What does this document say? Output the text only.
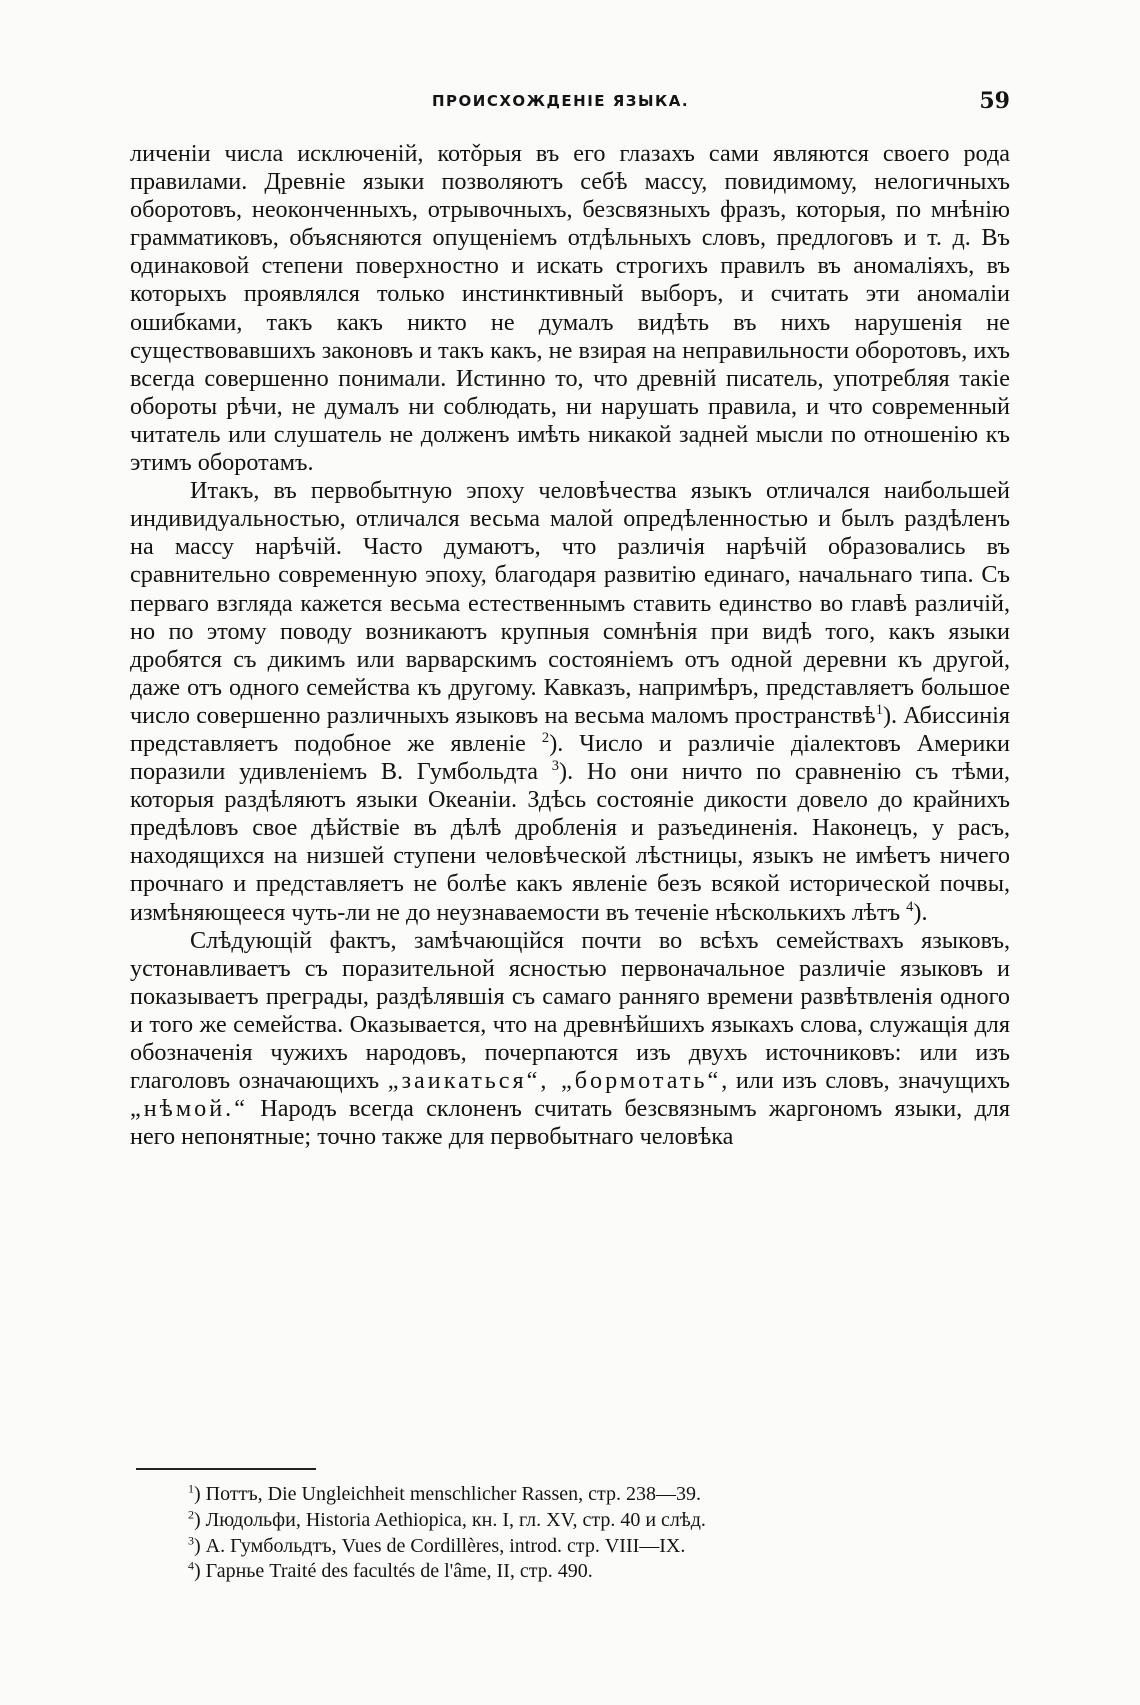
ПРОИСХОЖДЕНІЕ ЯЗЫКА.	59

личеніи числа исключеній, котǒрыя въ его глазахъ сами являются своего рода правилами. Древніе языки позволяютъ себѣ массу, повидимому, нелогичныхъ оборотовъ, неоконченныхъ, отрывочныхъ, безсвязныхъ фразъ, которыя, по мнѣнію грамматиковъ, объясняются опущеніемъ отдѣльныхъ словъ, предлоговъ и т. д. Въ одинаковой степени поверхностно и искать строгихъ правилъ въ аномаліяхъ, въ которыхъ проявлялся только инстинктивный выборъ, и считать эти аномаліи ошибками, такъ какъ никто не думалъ видѣть въ нихъ нарушенія не существовавшихъ законовъ и такъ какъ, не взирая на неправильности оборотовъ, ихъ всегда совершенно понимали. Истинно то, что древній писатель, употребляя такіе обороты рѣчи, не думалъ ни соблюдать, ни нарушать правила, и что современный читатель или слушатель не долженъ имѣть никакой задней мысли по отношенію къ этимъ оборотамъ.

Итакъ, въ первобытную эпоху человѣчества языкъ отличался наибольшей индивидуальностью, отличался весьма малой опредѣленностью и былъ раздѣленъ на массу нарѣчій. Часто думаютъ, что различія нарѣчій образовались въ сравнительно современную эпоху, благодаря развитію единаго, начальнаго типа. Съ перваго взгляда кажется весьма естественнымъ ставить единство во главѣ различій, но по этому поводу возникаютъ крупныя сомнѣнія при видѣ того, какъ языки дробятся съ дикимъ или варварскимъ состояніемъ отъ одной деревни къ другой, даже отъ одного семейства къ другому. Кавказъ, напримѣръ, представляетъ большое число совершенно различныхъ языковъ на весьма маломъ пространствѣ$^1$). Абиссинія представляетъ подобное же явленіе $^2$). Число и различіе діалектовъ Америки поразили удивленіемъ В. Гумбольдта $^3$). Но они ничто по сравненію съ тѣми, которыя раздѣляютъ языки Океаніи. Здѣсь состояніе дикости довело до крайнихъ предѣловъ свое дѣйствіе въ дѣлѣ дробленія и разъединенія. Наконецъ, у расъ, находящихся на низшей ступени человѣческой лѣстницы, языкъ не имѣетъ ничего прочнаго и представляетъ не болѣе какъ явленіе безъ всякой исторической почвы, измѣняющееся чуть-ли не до неузнаваемости въ теченіе нѣсколькихъ лѣтъ $^4$).

Слѣдующій фактъ, замѣчающійся почти во всѣхъ семействахъ языковъ, устонавливаетъ съ поразительной ясностью первоначальное различіе языковъ и показываетъ преграды, раздѣлявшія съ самаго ранняго времени развѣтвленія одного и того же семейства. Оказывается, что на древнѣйшихъ языкахъ слова, служащія для обозначенія чужихъ народовъ, почерпаются изъ двухъ источниковъ: или изъ глаголовъ означающихъ „заикаться“, „бормотать“, или изъ словъ, значущихъ „нѣмой.“ Народъ всегда склоненъ считать безсвязнымъ жаргономъ языки, для него непонятные; точно также для первобытнаго человѣка

$^1$) Поттъ, Die Ungleichheit menschlicher Rassen, стр. 238—39.

$^2$) Людольфи, Historia Aethiopica, кн. I, гл. XV, стр. 40 и слѣд.

$^3$) А. Гумбольдтъ, Vues de Cordillères, introd. стр. VIII—IX.

$^4$) Гарнье Traité des facultés de l'âme, II, стр. 490.
